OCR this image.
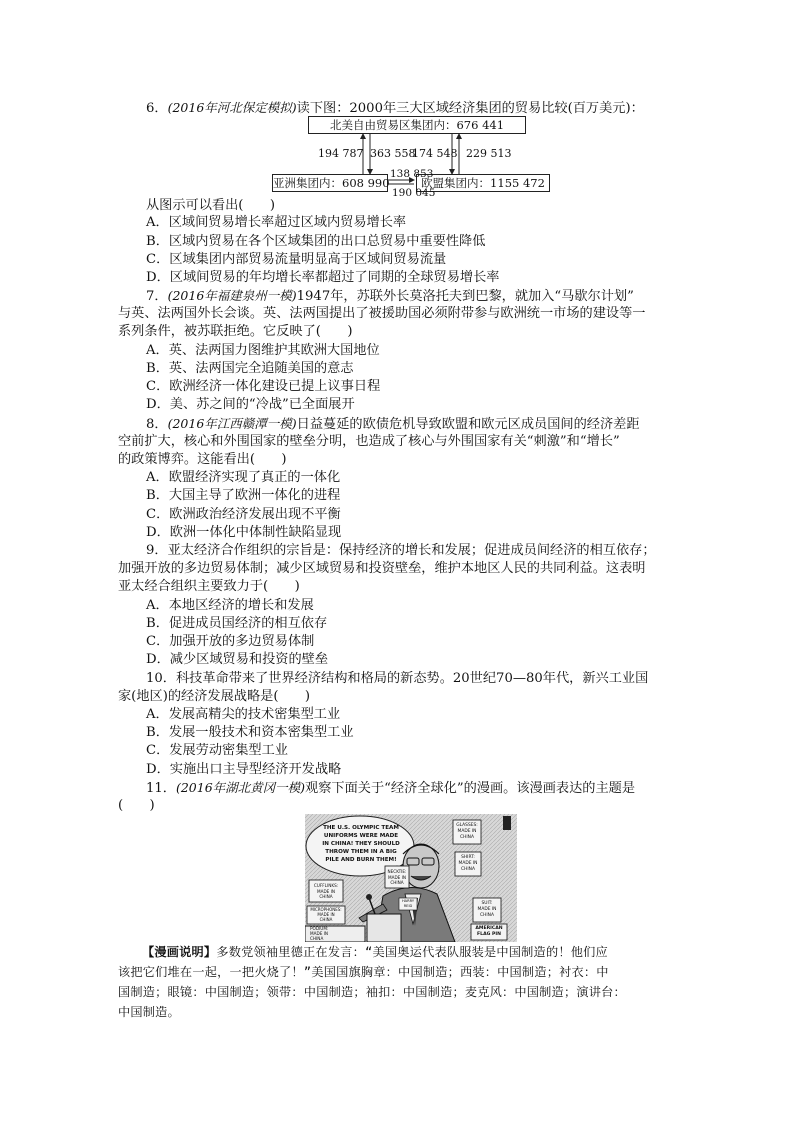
6．(2016年河北保定模拟)读下图：2000年三大区域经济集团的贸易比较(百万美元)：
北美自由贸易区集团内：676 441
亚洲集团内：608 990	欧盟集团内：1155 472
194 787 363 558
174 548 229 513
138 853
190 045
从图示可以看出(　　)
A．区域间贸易增长率超过区域内贸易增长率
B．区域内贸易在各个区域集团的出口总贸易中重要性降低
C．区域集团内部贸易流量明显高于区域间贸易流量
D．区域间贸易的年均增长率都超过了同期的全球贸易增长率
7．(2016年福建泉州一模)1947年，苏联外长莫洛托夫到巴黎，就加入“马歇尔计划”
与英、法两国外长会谈。英、法两国提出了被援助国必须附带参与欧洲统一市场的建设等一
系列条件，被苏联拒绝。它反映了(　　)
A．英、法两国力图维护其欧洲大国地位
B．英、法两国完全追随美国的意志
C．欧洲经济一体化建设已提上议事日程
D．美、苏之间的“冷战”已全面展开
8．(2016年江西赣潭一模)日益蔓延的欧债危机导致欧盟和欧元区成员国间的经济差距
空前扩大，核心和外围国家的壁垒分明，也造成了核心与外围国家有关“刺激”和“增长”
的政策博弈。这能看出(　　)
A．欧盟经济实现了真正的一体化
B．大国主导了欧洲一体化的进程
C．欧洲政治经济发展出现不平衡
D．欧洲一体化中体制性缺陷显现
9．亚太经济合作组织的宗旨是：保持经济的增长和发展；促进成员间经济的相互依存；
加强开放的多边贸易体制；减少区域贸易和投资壁垒，维护本地区人民的共同利益。这表明
亚太经合组织主要致力于(　　)
A．本地区经济的增长和发展
B．促进成员国经济的相互依存
C．加强开放的多边贸易体制
D．减少区域贸易和投资的壁垒
10．科技革命带来了世界经济结构和格局的新态势。20世纪70—80年代，新兴工业国
家(地区)的经济发展战略是(　　)
A．发展高精尖的技术密集型工业
B．发展一般技术和资本密集型工业
C．发展劳动密集型工业
D．实施出口主导型经济开发战略
11．(2016年湖北黄冈一模)观察下面关于“经济全球化”的漫画。该漫画表达的主题是
(　　)
THE U.S. OLYMPIC TEAM
UNIFORMS WERE MADE
IN CHINA! THEY SHOULD
THROW THEM IN A BIG
PILE AND BURN THEM!
GLASSES:
MADE IN
CHINA
SHIRT:
MADE IN
CHINA
NECKTIE:
MADE IN
CHINA
CUFFLINKS:
MADE IN
CHINA
MICROPHONES:
MADE IN
CHINA
SUIT:
MADE IN
CHINA
PODIUM:
MADE IN
CHINA
HARRY
REID
AMERICAN
FLAG PIN
【漫画说明】多数党领袖里德正在发言：“美国奥运代表队服装是中国制造的！他们应
该把它们堆在一起，一把火烧了！”美国国旗胸章：中国制造；西装：中国制造；衬衣：中
国制造；眼镜：中国制造；领带：中国制造；袖扣：中国制造；麦克风：中国制造；演讲台：
中国制造。
